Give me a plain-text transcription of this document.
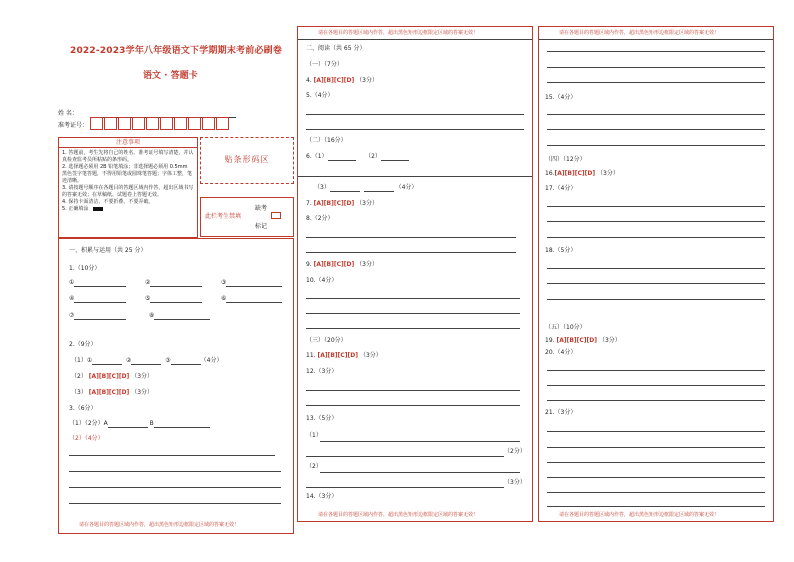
2022-2023学年八年级语文下学期期末考前必刷卷
语文 · 答题卡
姓 名：
准考证号：
注意事项
1. 答题前，考生先将自己的姓名、准考证号填写清楚，并认真检查监考员所粘贴的条形码。
2. 选择题必须用 2B 铅笔填涂；非选择题必须用 0.5mm 黑色签字笔答题，不得用铅笔或圆珠笔答题；字体工整，笔迹清晰。
3. 请按题号顺序在各题目的答题区域内作答，超出区域书写的答案无效；在草稿纸、试题卷上答题无效。
4. 保持卡面清洁，不要折叠、不要弄破。
5. 正确填涂
贴条形码区
此栏考生禁填
缺考
标记
一、积累与运用（共 25 分）
1.（10分）
①	②	③
④	⑤	⑥
⑦	⑧
2.（9分）
（1）①	②	③	（4分）
（2） [A][B][C][D] （3分）
（3） [A][B][C][D] （3分）
3.（6分）
（1）（2分）A	B
（2）（4分）
请在各题目的答题区域内作答，超出黑色矩形边框限定区域的答案无效！
请在各题目的答题区域内作答，超出黑色矩形边框限定区域的答案无效！
二、阅读（共 65 分）
（一）（7分）
4. [A][B][C][D] （3分）
5.（4分）
（二）（16分）
6.（1）	（2）
（3）	（4分）
7. [A][B][C][D] （3分）
8.（2分）
9. [A][B][C][D] （3分）
10.（4分）
（三）（20分）
11. [A][B][C][D] （3分）
12.（3分）
13.（5分）
（1）
（2分）
（2）
（3分）
14.（3分）
请在各题目的答题区域内作答，超出黑色矩形边框限定区域的答案无效！
请在各题目的答题区域内作答，超出黑色矩形边框限定区域的答案无效！
15.（4分）
（四）（12分）
16.[A][B][C][D] （3分）
17.（4分）
18.（5分）
（五）（10分）
19. [A][B][C][D] （3分）
20.（4分）
21.（3分）
请在各题目的答题区域内作答，超出黑色矩形边框限定区域的答案无效！
